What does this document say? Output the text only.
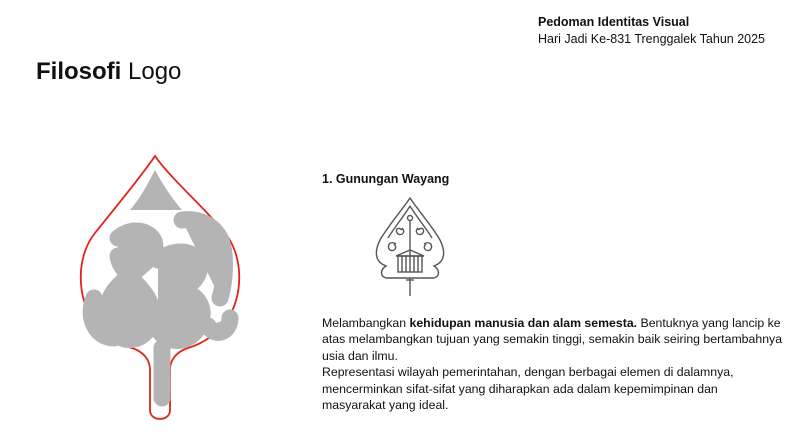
Pedoman Identitas Visual
Hari Jadi Ke-831 Trenggalek Tahun 2025
Filosofi Logo
1. Gunungan Wayang

Melambangkan kehidupan manusia dan alam semesta. Bentuknya yang lancip ke atas melambangkan tujuan yang semakin tinggi, semakin baik seiring bertambahnya usia dan ilmu.

Representasi wilayah pemerintahan, dengan berbagai elemen di dalamnya, mencerminkan sifat-sifat yang diharapkan ada dalam kepemimpinan dan masyarakat yang ideal.
